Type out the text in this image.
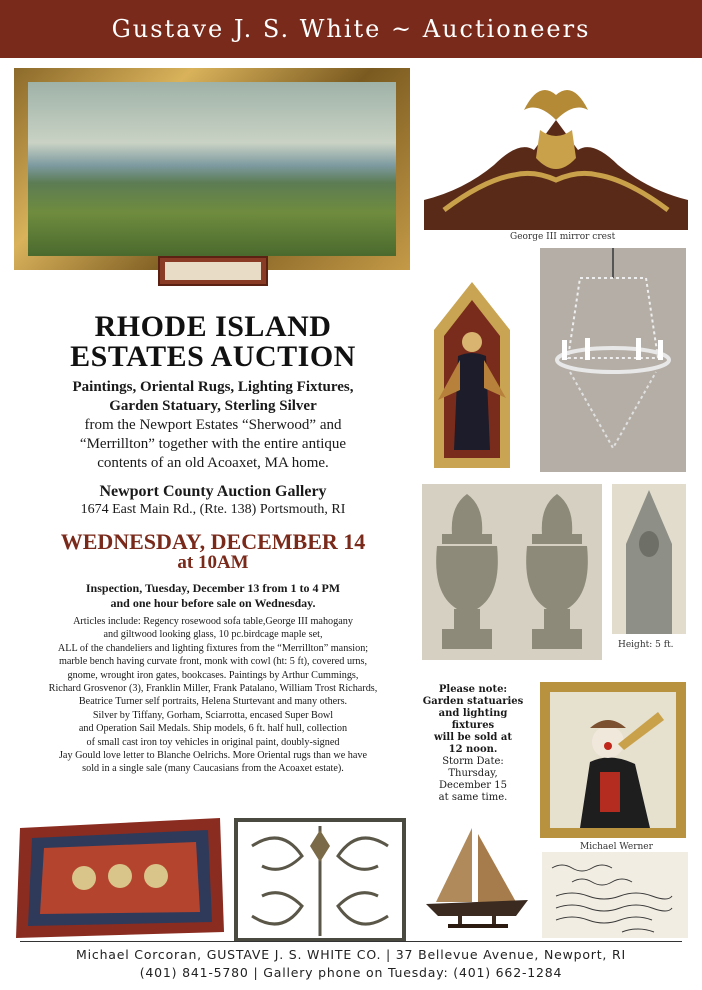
Gustave J. S. White ~ Auctioneers
George III mirror crest
Height: 5 ft.
Please note:
Garden statuaries
and lighting fixtures
will be sold at
12 noon.
Storm Date:
Thursday,
December 15
at same time.
Michael Werner
RHODE ISLAND
ESTATES AUCTION
Paintings, Oriental Rugs, Lighting Fixtures,
Garden Statuary, Sterling Silver
from the Newport Estates “Sherwood” and
“Merrillton” together with the entire antique
contents of an old Acoaxet, MA home.
Newport County Auction Gallery
1674 East Main Rd., (Rte. 138) Portsmouth, RI
WEDNESDAY, DECEMBER 14
at 10AM
Inspection, Tuesday, December 13 from 1 to 4 PM
and one hour before sale on Wednesday.
Articles include: Regency rosewood sofa table,George III mahogany
and giltwood looking glass, 10 pc.birdcage maple set,
ALL of the chandeliers and lighting fixtures from the “Merrillton” mansion;
marble bench having curvate front, monk with cowl (ht: 5 ft), covered urns,
gnome, wrought iron gates, bookcases. Paintings by Arthur Cummings,
Richard Grosvenor (3), Franklin Miller, Frank Patalano, William Trost Richards,
Beatrice Turner self portraits, Helena Sturtevant and many others.
Silver by Tiffany, Gorham, Sciarrotta, encased Super Bowl
and Operation Sail Medals. Ship models, 6 ft. half hull, collection
of small cast iron toy vehicles in original paint, doubly-signed
Jay Gould love letter to Blanche Oelrichs. More Oriental rugs than we have
sold in a single sale (many Caucasians from the Acoaxet estate).
Michael Corcoran, GUSTAVE J. S. WHITE CO. | 37 Bellevue Avenue, Newport, RI
(401) 841-5780 | Gallery phone on Tuesday: (401) 662-1284
